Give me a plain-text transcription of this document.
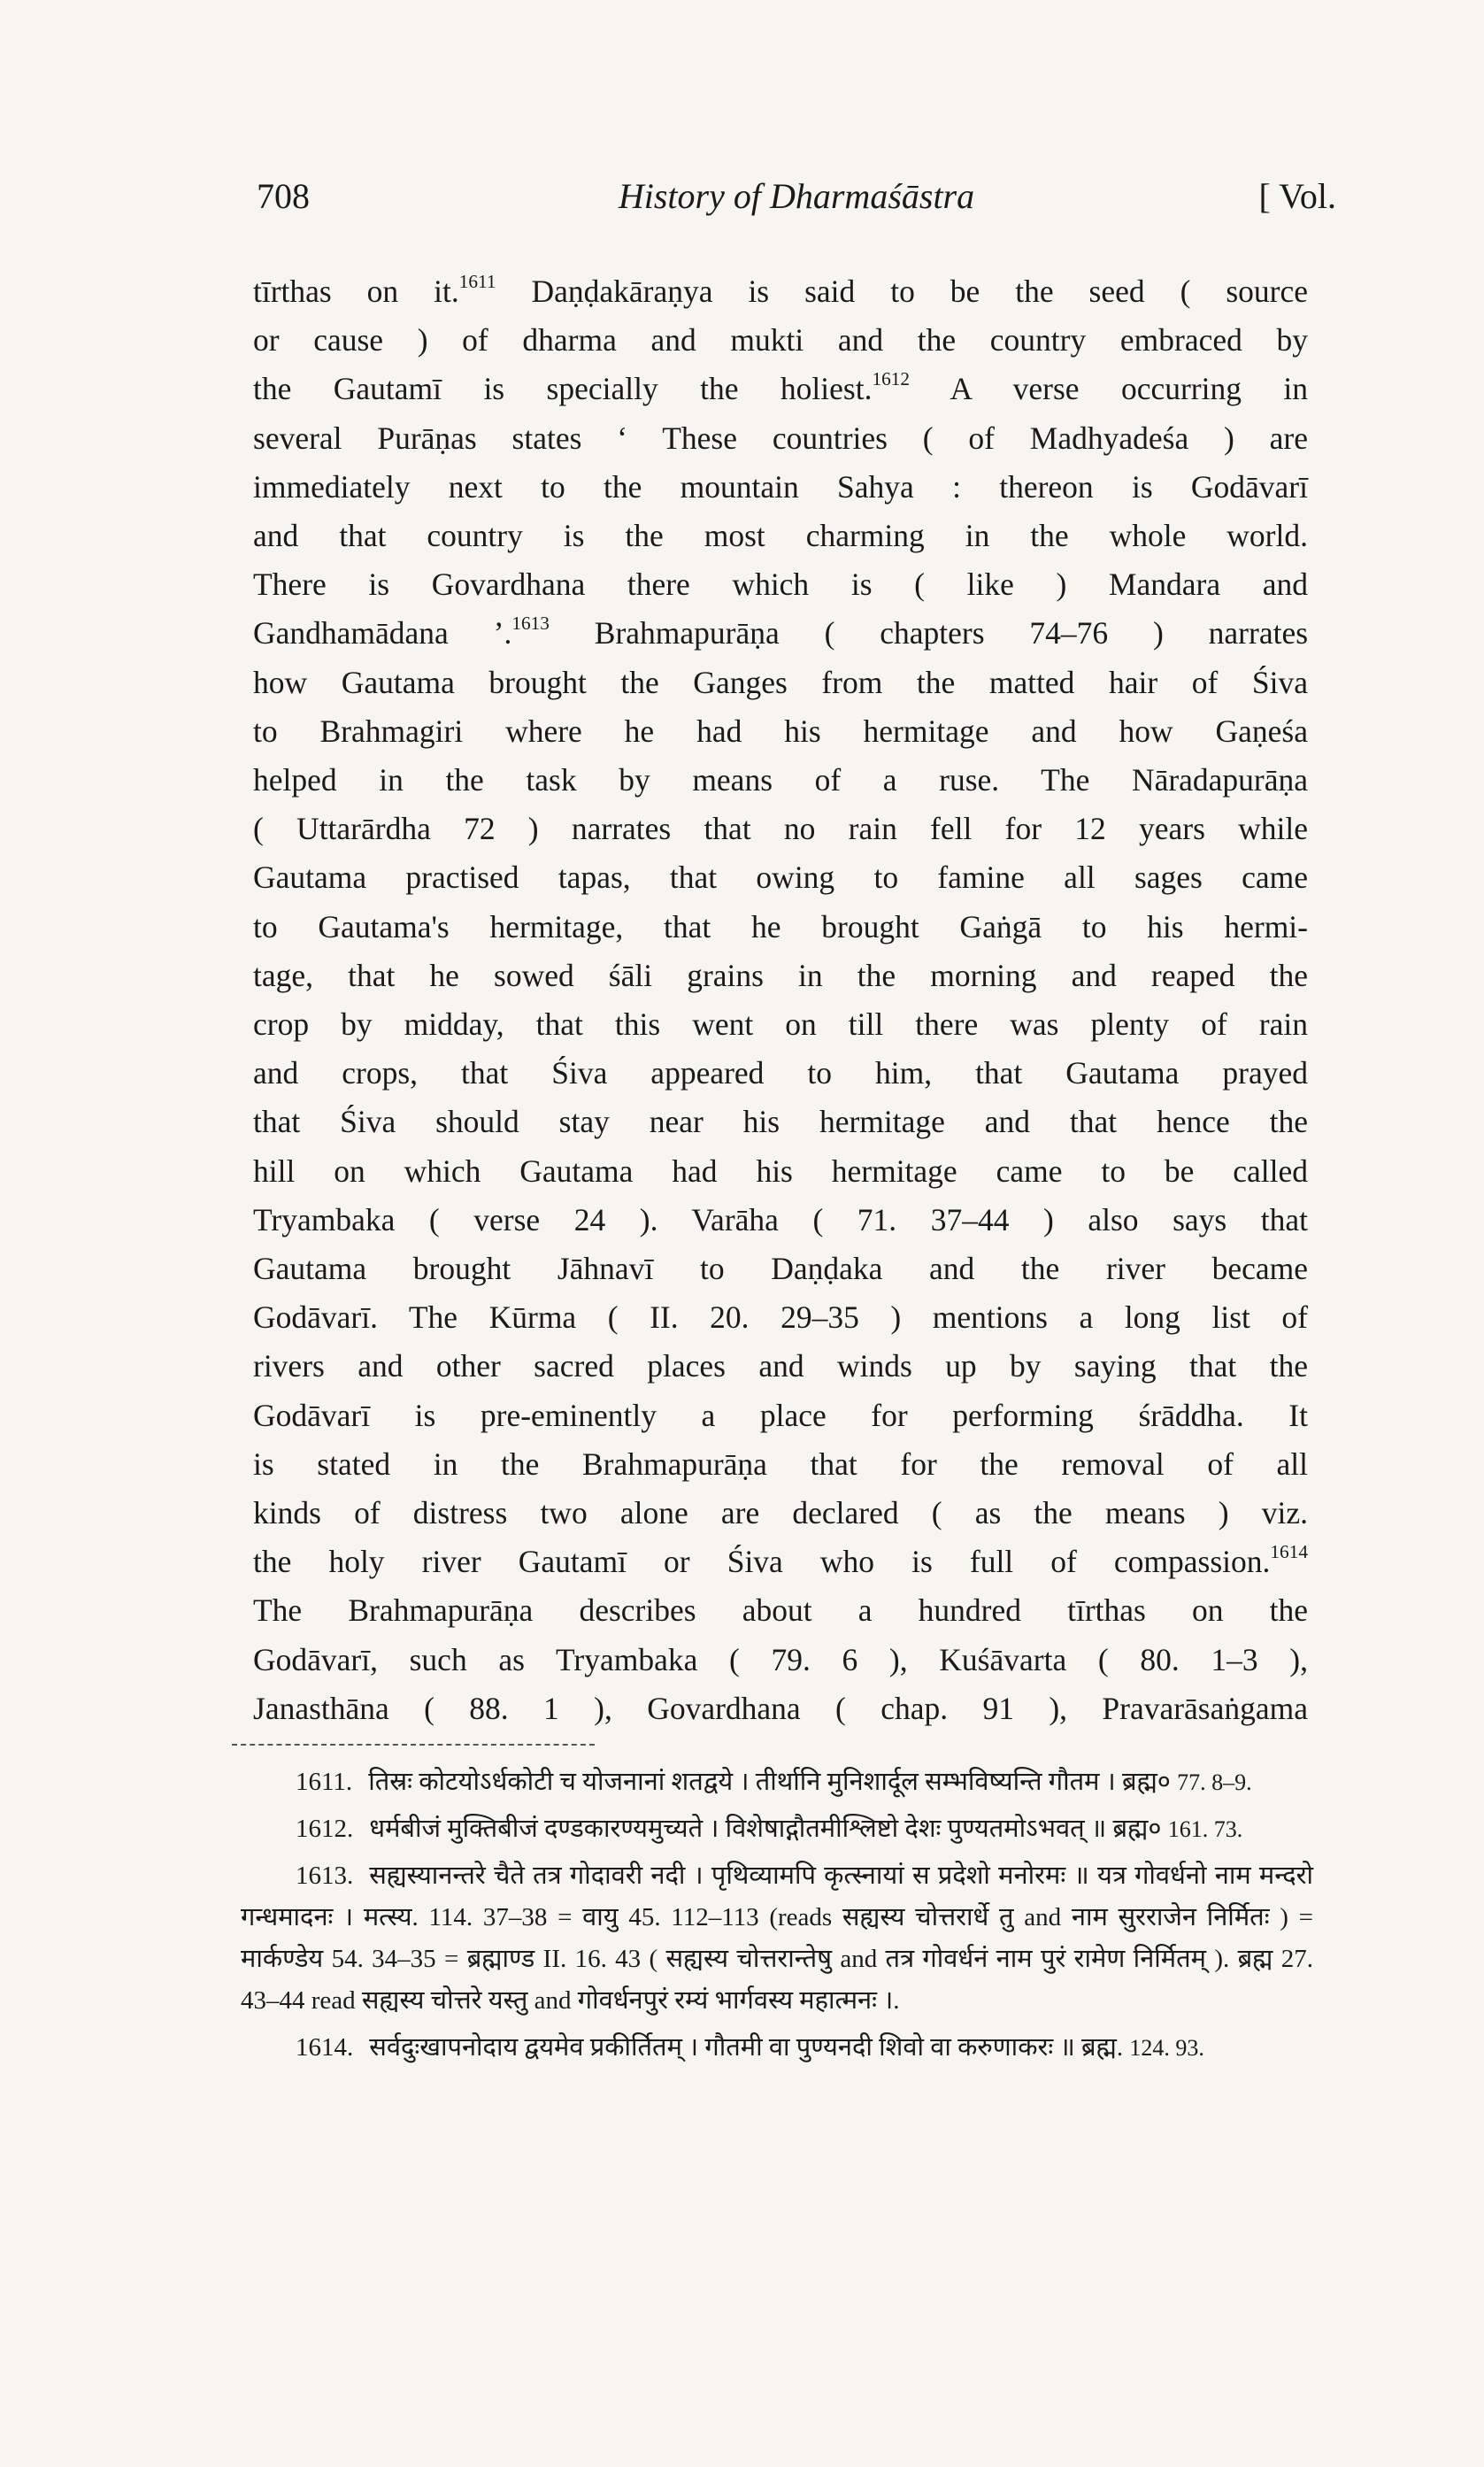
708	History of Dharmaśāstra	[ Vol.
tīrthas on it.$^{1611}$ Daṇḍakāraṇya is said to be the seed ( source
or cause ) of dharma and mukti and the country embraced by
the Gautamī is specially the holiest.$^{1612}$ A verse occurring in
several Purāṇas states ‘ These countries ( of Madhyadeśa ) are
immediately next to the mountain Sahya : thereon is Godāvarī
and that country is the most charming in the whole world.
There is Govardhana there which is ( like ) Mandara and
Gandhamādana ’.$^{1613}$ Brahmapurāṇa ( chapters 74–76 ) narrates
how Gautama brought the Ganges from the matted hair of Śiva
to Brahmagiri where he had his hermitage and how Gaṇeśa
helped in the task by means of a ruse. The Nāradapurāṇa
( Uttarārdha 72 ) narrates that no rain fell for 12 years while
Gautama practised tapas, that owing to famine all sages came
to Gautama's hermitage, that he brought Gaṅgā to his hermi-
tage, that he sowed śāli grains in the morning and reaped the
crop by midday, that this went on till there was plenty of rain
and crops, that Śiva appeared to him, that Gautama prayed
that Śiva should stay near his hermitage and that hence the
hill on which Gautama had his hermitage came to be called
Tryambaka ( verse 24 ). Varāha ( 71. 37–44 ) also says that
Gautama brought Jāhnavī to Daṇḍaka and the river became
Godāvarī. The Kūrma ( II. 20. 29–35 ) mentions a long list of
rivers and other sacred places and winds up by saying that the
Godāvarī is pre-eminently a place for performing śrāddha. It
is stated in the Brahmapurāṇa that for the removal of all
kinds of distress two alone are declared ( as the means ) viz.
the holy river Gautamī or Śiva who is full of compassion.$^{1614}$
The Brahmapurāṇa describes about a hundred tīrthas on the
Godāvarī, such as Tryambaka ( 79. 6 ), Kuśāvarta ( 80. 1–3 ),
Janasthāna ( 88. 1 ), Govardhana ( chap. 91 ), Pravarāsaṅgama
1611. तिस्रः कोटयोऽर्धकोटी च योजनानां शतद्वये । तीर्थानि मुनिशार्दूल सम्भविष्यन्ति गौतम । ब्रह्म० 77. 8–9.
1612. धर्मबीजं मुक्तिबीजं दण्डकारण्यमुच्यते । विशेषाद्गौतमीश्लिष्टो देशः पुण्यतमोऽभवत् ॥ ब्रह्म० 161. 73.
1613. सह्यस्यानन्तरे चैते तत्र गोदावरी नदी । पृथिव्यामपि कृत्स्नायां स प्रदेशो मनोरमः ॥ यत्र गोवर्धनो नाम मन्दरो गन्धमादनः । मत्स्य. 114. 37–38 = वायु 45. 112–113 (reads सह्यस्य चोत्तरार्धे तु and नाम सुरराजेन निर्मितः ) = मार्कण्डेय 54. 34–35 = ब्रह्माण्ड II. 16. 43 ( सह्यस्य चोत्तरान्तेषु and तत्र गोवर्धनं नाम पुरं रामेण निर्मितम् ). ब्रह्म 27. 43–44 read सह्यस्य चोत्तरे यस्तु and गोवर्धनपुरं रम्यं भार्गवस्य महात्मनः ।.
1614. सर्वदुःखापनोदाय द्वयमेव प्रकीर्तितम् । गौतमी वा पुण्यनदी शिवो वा करुणाकरः ॥ ब्रह्म. 124. 93.
